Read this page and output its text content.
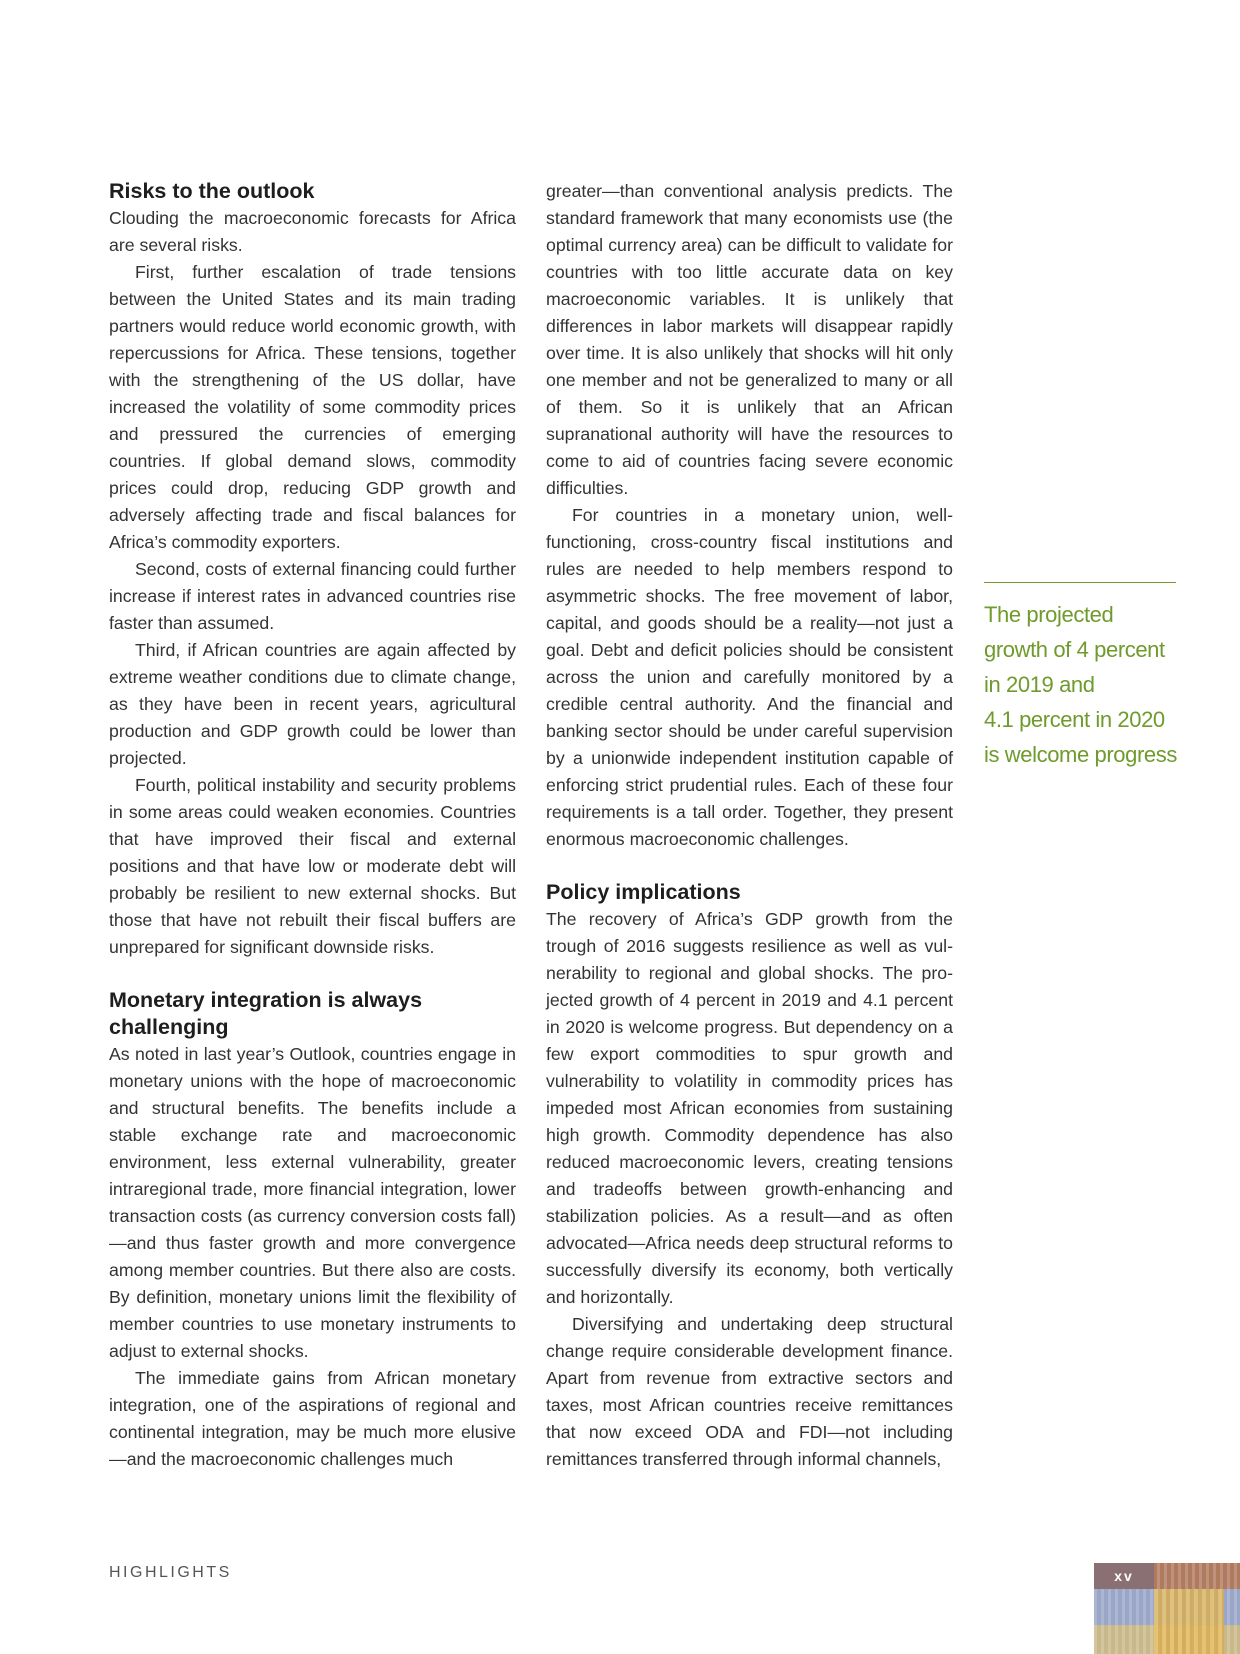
Risks to the outlook

Clouding the macroeconomic forecasts for Africa are several risks.

First, further escalation of trade tensions between the United States and its main trading partners would reduce world economic growth, with repercussions for Africa. These tensions, together with the strengthening of the US dollar, have increased the volatility of some commodity prices and pressured the currencies of emerging countries. If global demand slows, commodity prices could drop, reducing GDP growth and adversely affecting trade and fiscal balances for Africa’s commodity exporters.

Second, costs of external financing could further increase if interest rates in advanced countries rise faster than assumed.

Third, if African countries are again affected by extreme weather conditions due to climate change, as they have been in recent years, agricultural production and GDP growth could be lower than projected.

Fourth, political instability and security problems in some areas could weaken economies. Countries that have improved their fiscal and external positions and that have low or moderate debt will probably be resilient to new external shocks. But those that have not rebuilt their fiscal buffers are unprepared for significant downside risks.

Monetary integration is always challenging

As noted in last year’s Outlook, countries engage in monetary unions with the hope of macroeconomic and structural benefits. The benefits include a stable exchange rate and macroeconomic environment, less external vulnerability, greater intraregional trade, more financial integration, lower transaction costs (as currency conversion costs fall)—and thus faster growth and more convergence among member countries. But there also are costs. By definition, monetary unions limit the flexibility of member countries to use monetary instruments to adjust to external shocks.

The immediate gains from African monetary integration, one of the aspirations of regional and continental integration, may be much more elusive —and the macroeconomic challenges much

greater—than conventional analysis predicts. The standard framework that many economists use (the optimal currency area) can be difficult to validate for countries with too little accurate data on key macroeconomic variables. It is unlikely that differences in labor markets will disappear rapidly over time. It is also unlikely that shocks will hit only one member and not be generalized to many or all of them. So it is unlikely that an African supranational authority will have the resources to come to aid of countries facing severe economic difficulties.

For countries in a monetary union, well-functioning, cross-country fiscal institutions and rules are needed to help members respond to asymmetric shocks. The free movement of labor, capital, and goods should be a reality—not just a goal. Debt and deficit policies should be consistent across the union and carefully monitored by a credible central authority. And the financial and banking sector should be under careful supervision by a unionwide independent institution capable of enforcing strict prudential rules. Each of these four requirements is a tall order. Together, they present enormous macroeconomic challenges.

Policy implications

The recovery of Africa’s GDP growth from the trough of 2016 suggests resilience as well as vulnerability to regional and global shocks. The projected growth of 4 percent in 2019 and 4.1 percent in 2020 is welcome progress. But dependency on a few export commodities to spur growth and vulnerability to volatility in commodity prices has impeded most African economies from sustaining high growth. Commodity dependence has also reduced macroeconomic levers, creating tensions and tradeoffs between growth-enhancing and stabilization policies. As a result—and as often advocated—Africa needs deep structural reforms to successfully diversify its economy, both vertically and horizontally.

Diversifying and undertaking deep structural change require considerable development finance. Apart from revenue from extractive sectors and taxes, most African countries receive remittances that now exceed ODA and FDI—not including remittances transferred through informal channels,

The projected
growth of 4 percent
in 2019 and
4.1 percent in 2020
is welcome progress
HIGHLIGHTS	xv
